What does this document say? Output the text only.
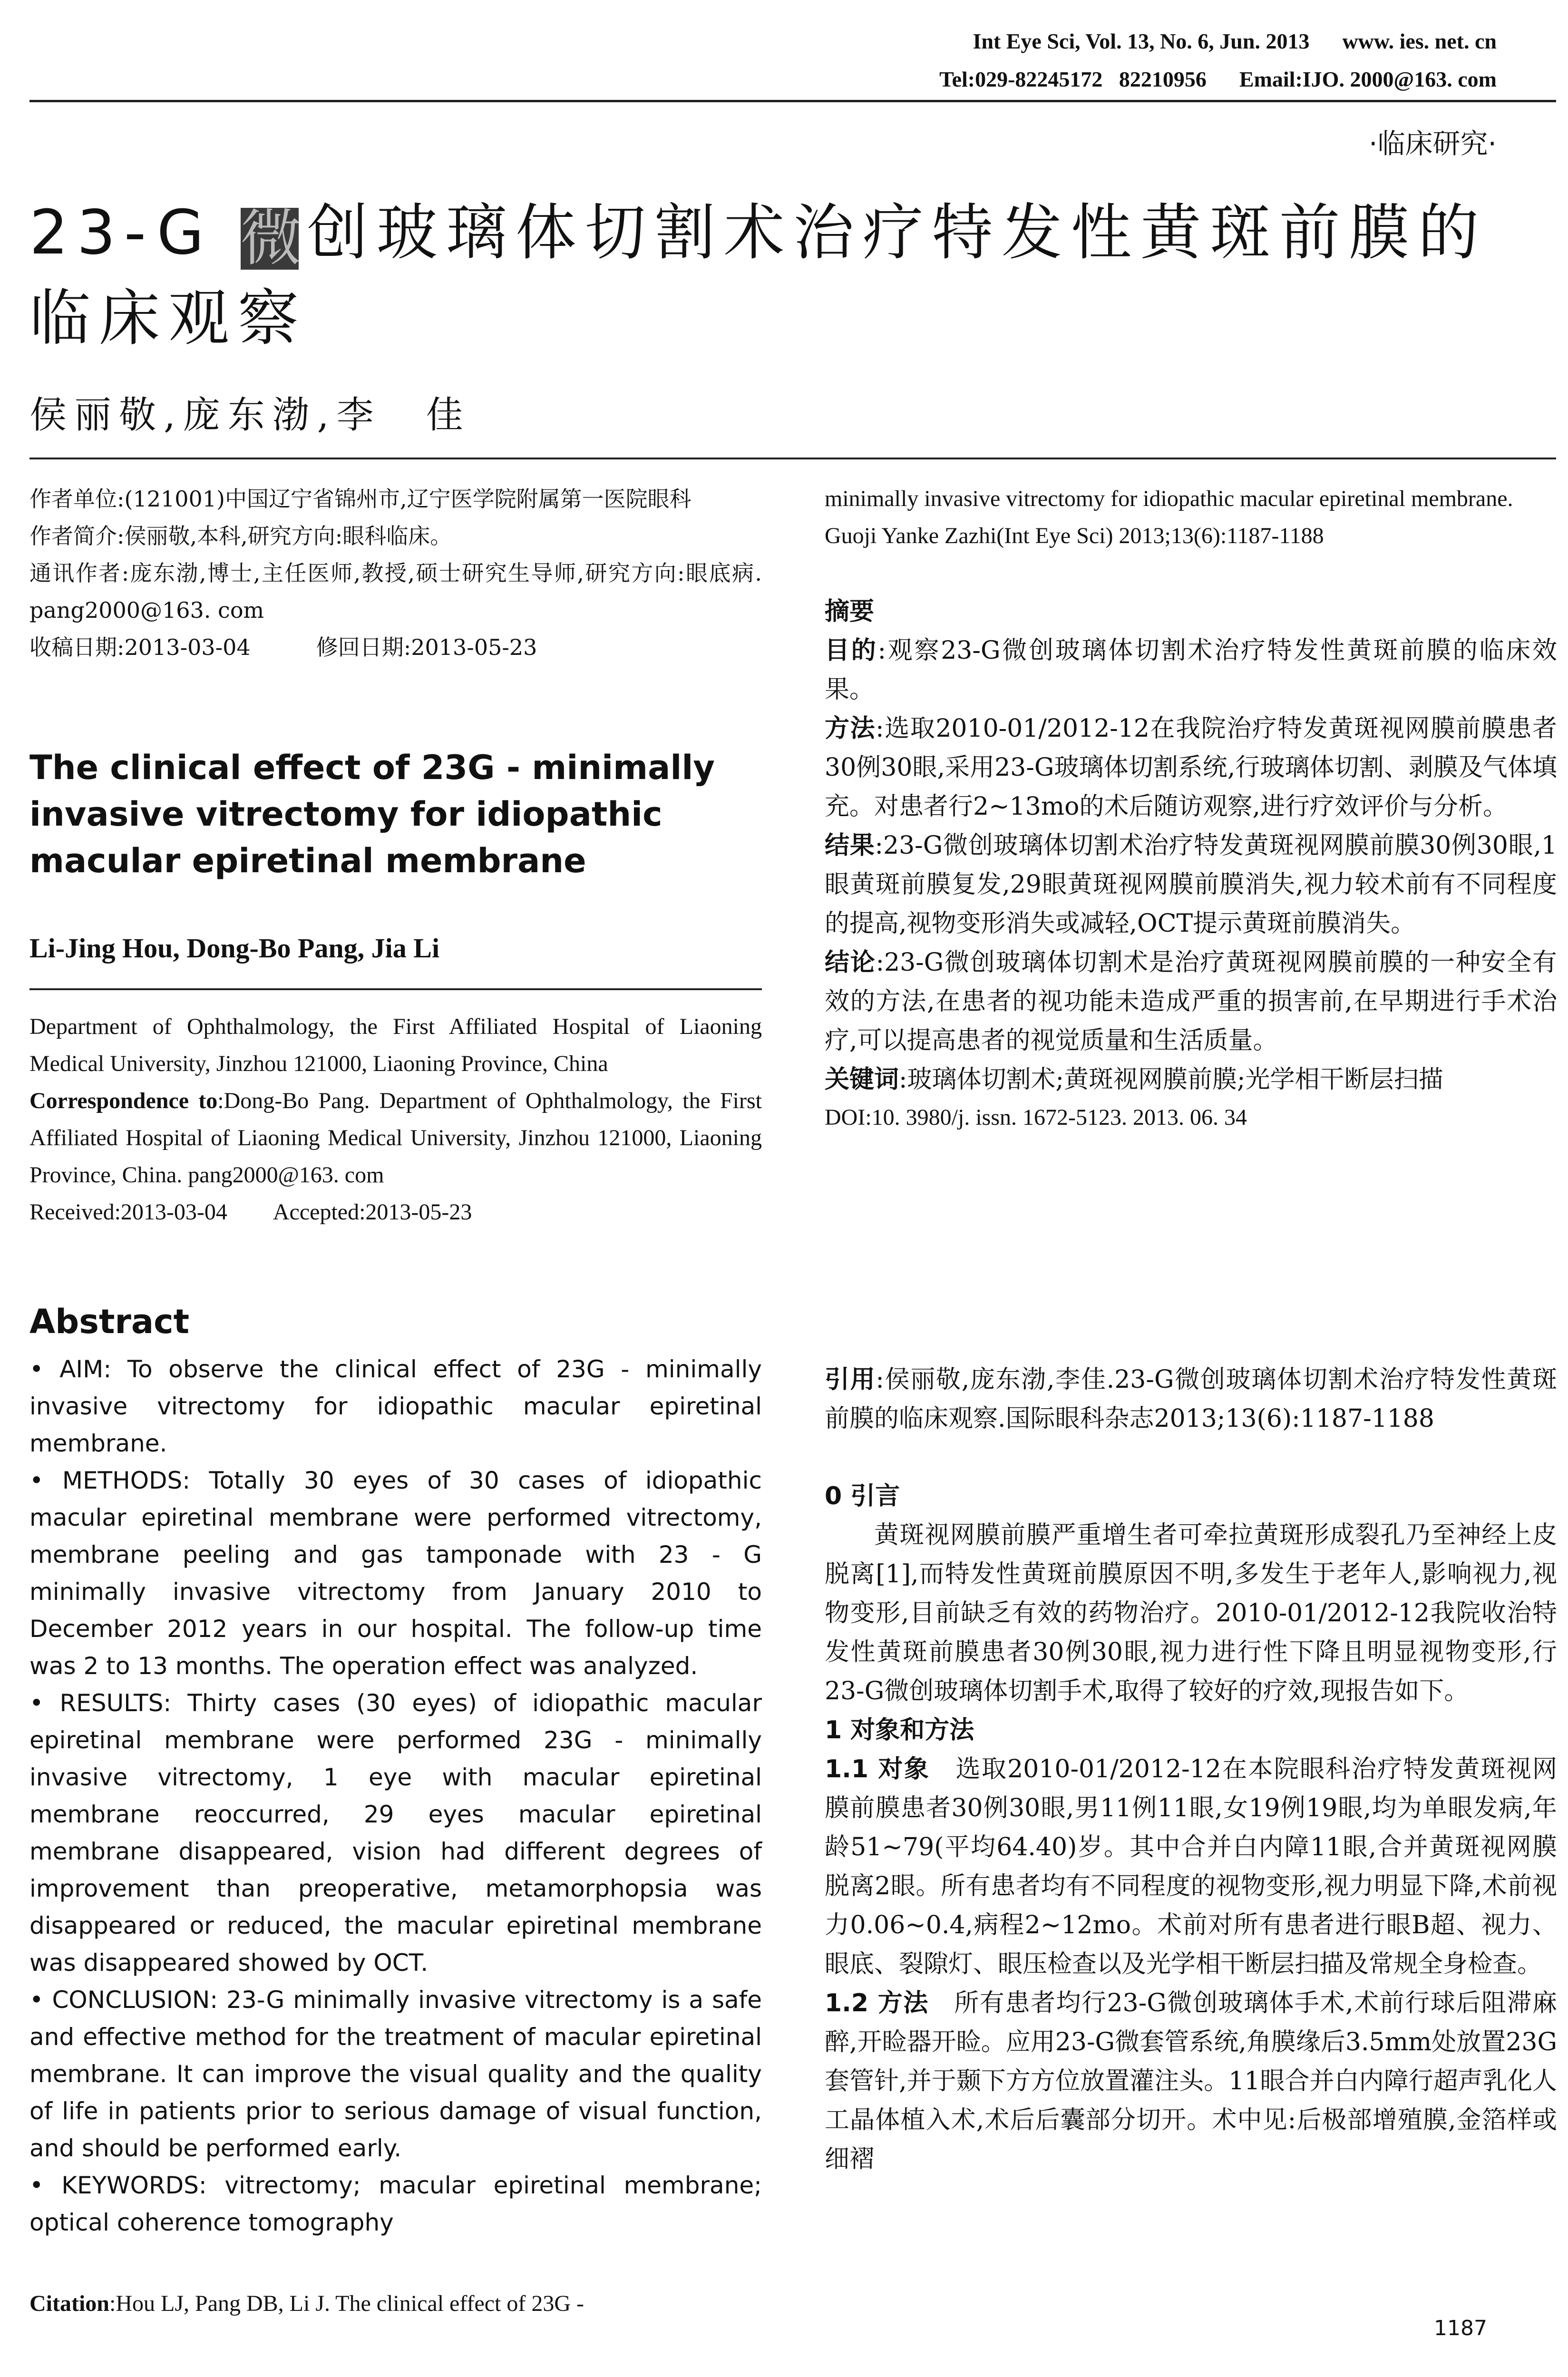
Int Eye Sci, Vol. 13, No. 6, Jun. 2013      www. ies. net. cn
Tel:029-82245172   82210956      Email:IJO. 2000@163. com
·临床研究·
23-G 微创玻璃体切割术治疗特发性黄斑前膜的临床观察
侯丽敬,庞东渤,李　佳

作者单位:(121001)中国辽宁省锦州市,辽宁医学院附属第一医院眼科

作者简介:侯丽敬,本科,研究方向:眼科临床。

通讯作者:庞东渤,博士,主任医师,教授,硕士研究生导师,研究方向:眼底病. pang2000@163. com

收稿日期:2013-03-04　　　修回日期:2013-05-23

The clinical effect of 23G - minimally invasive vitrectomy for idiopathic macular epiretinal membrane
Li-Jing Hou, Dong-Bo Pang, Jia Li

Department of Ophthalmology, the First Affiliated Hospital of Liaoning Medical University, Jinzhou 121000, Liaoning Province, China

Correspondence to:Dong-Bo Pang. Department of Ophthalmology, the First Affiliated Hospital of Liaoning Medical University, Jinzhou 121000, Liaoning Province, China. pang2000@163. com

Received:2013-03-04　　Accepted:2013-05-23

Abstract

• AIM: To observe the clinical effect of 23G - minimally invasive vitrectomy for idiopathic macular epiretinal membrane.

• METHODS: Totally 30 eyes of 30 cases of idiopathic macular epiretinal membrane were performed vitrectomy, membrane peeling and gas tamponade with 23 - G minimally invasive vitrectomy from January 2010 to December 2012 years in our hospital. The follow-up time was 2 to 13 months. The operation effect was analyzed.

• RESULTS: Thirty cases (30 eyes) of idiopathic macular epiretinal membrane were performed 23G - minimally invasive vitrectomy, 1 eye with macular epiretinal membrane reoccurred, 29 eyes macular epiretinal membrane disappeared, vision had different degrees of improvement than preoperative, metamorphopsia was disappeared or reduced, the macular epiretinal membrane was disappeared showed by OCT.

• CONCLUSION: 23-G minimally invasive vitrectomy is a safe and effective method for the treatment of macular epiretinal membrane. It can improve the visual quality and the quality of life in patients prior to serious damage of visual function, and should be performed early.

• KEYWORDS: vitrectomy; macular epiretinal membrane; optical coherence tomography

Citation:Hou LJ, Pang DB, Li J. The clinical effect of 23G -

minimally invasive vitrectomy for idiopathic macular epiretinal membrane. Guoji Yanke Zazhi(Int Eye Sci) 2013;13(6):1187-1188

摘要

目的:观察23-G微创玻璃体切割术治疗特发性黄斑前膜的临床效果。

方法:选取2010-01/2012-12在我院治疗特发黄斑视网膜前膜患者30例30眼,采用23-G玻璃体切割系统,行玻璃体切割、剥膜及气体填充。对患者行2~13mo的术后随访观察,进行疗效评价与分析。

结果:23-G微创玻璃体切割术治疗特发黄斑视网膜前膜30例30眼,1眼黄斑前膜复发,29眼黄斑视网膜前膜消失,视力较术前有不同程度的提高,视物变形消失或减轻,OCT提示黄斑前膜消失。

结论:23-G微创玻璃体切割术是治疗黄斑视网膜前膜的一种安全有效的方法,在患者的视功能未造成严重的损害前,在早期进行手术治疗,可以提高患者的视觉质量和生活质量。

关键词:玻璃体切割术;黄斑视网膜前膜;光学相干断层扫描

DOI:10. 3980/j. issn. 1672-5123. 2013. 06. 34

引用:侯丽敬,庞东渤,李佳.23-G微创玻璃体切割术治疗特发性黄斑前膜的临床观察.国际眼科杂志2013;13(6):1187-1188

0 引言

黄斑视网膜前膜严重增生者可牵拉黄斑形成裂孔乃至神经上皮脱离[1],而特发性黄斑前膜原因不明,多发生于老年人,影响视力,视物变形,目前缺乏有效的药物治疗。2010-01/2012-12我院收治特发性黄斑前膜患者30例30眼,视力进行性下降且明显视物变形,行23-G微创玻璃体切割手术,取得了较好的疗效,现报告如下。

1 对象和方法

1.1 对象　选取2010-01/2012-12在本院眼科治疗特发黄斑视网膜前膜患者30例30眼,男11例11眼,女19例19眼,均为单眼发病,年龄51~79(平均64.40)岁。其中合并白内障11眼,合并黄斑视网膜脱离2眼。所有患者均有不同程度的视物变形,视力明显下降,术前视力0.06~0.4,病程2~12mo。术前对所有患者进行眼B超、视力、眼底、裂隙灯、眼压检查以及光学相干断层扫描及常规全身检查。

1.2 方法　所有患者均行23-G微创玻璃体手术,术前行球后阻滞麻醉,开睑器开睑。应用23-G微套管系统,角膜缘后3.5mm处放置23G套管针,并于颞下方方位放置灌注头。11眼合并白内障行超声乳化人工晶体植入术,术后后囊部分切开。术中见:后极部增殖膜,金箔样或细褶

1187
